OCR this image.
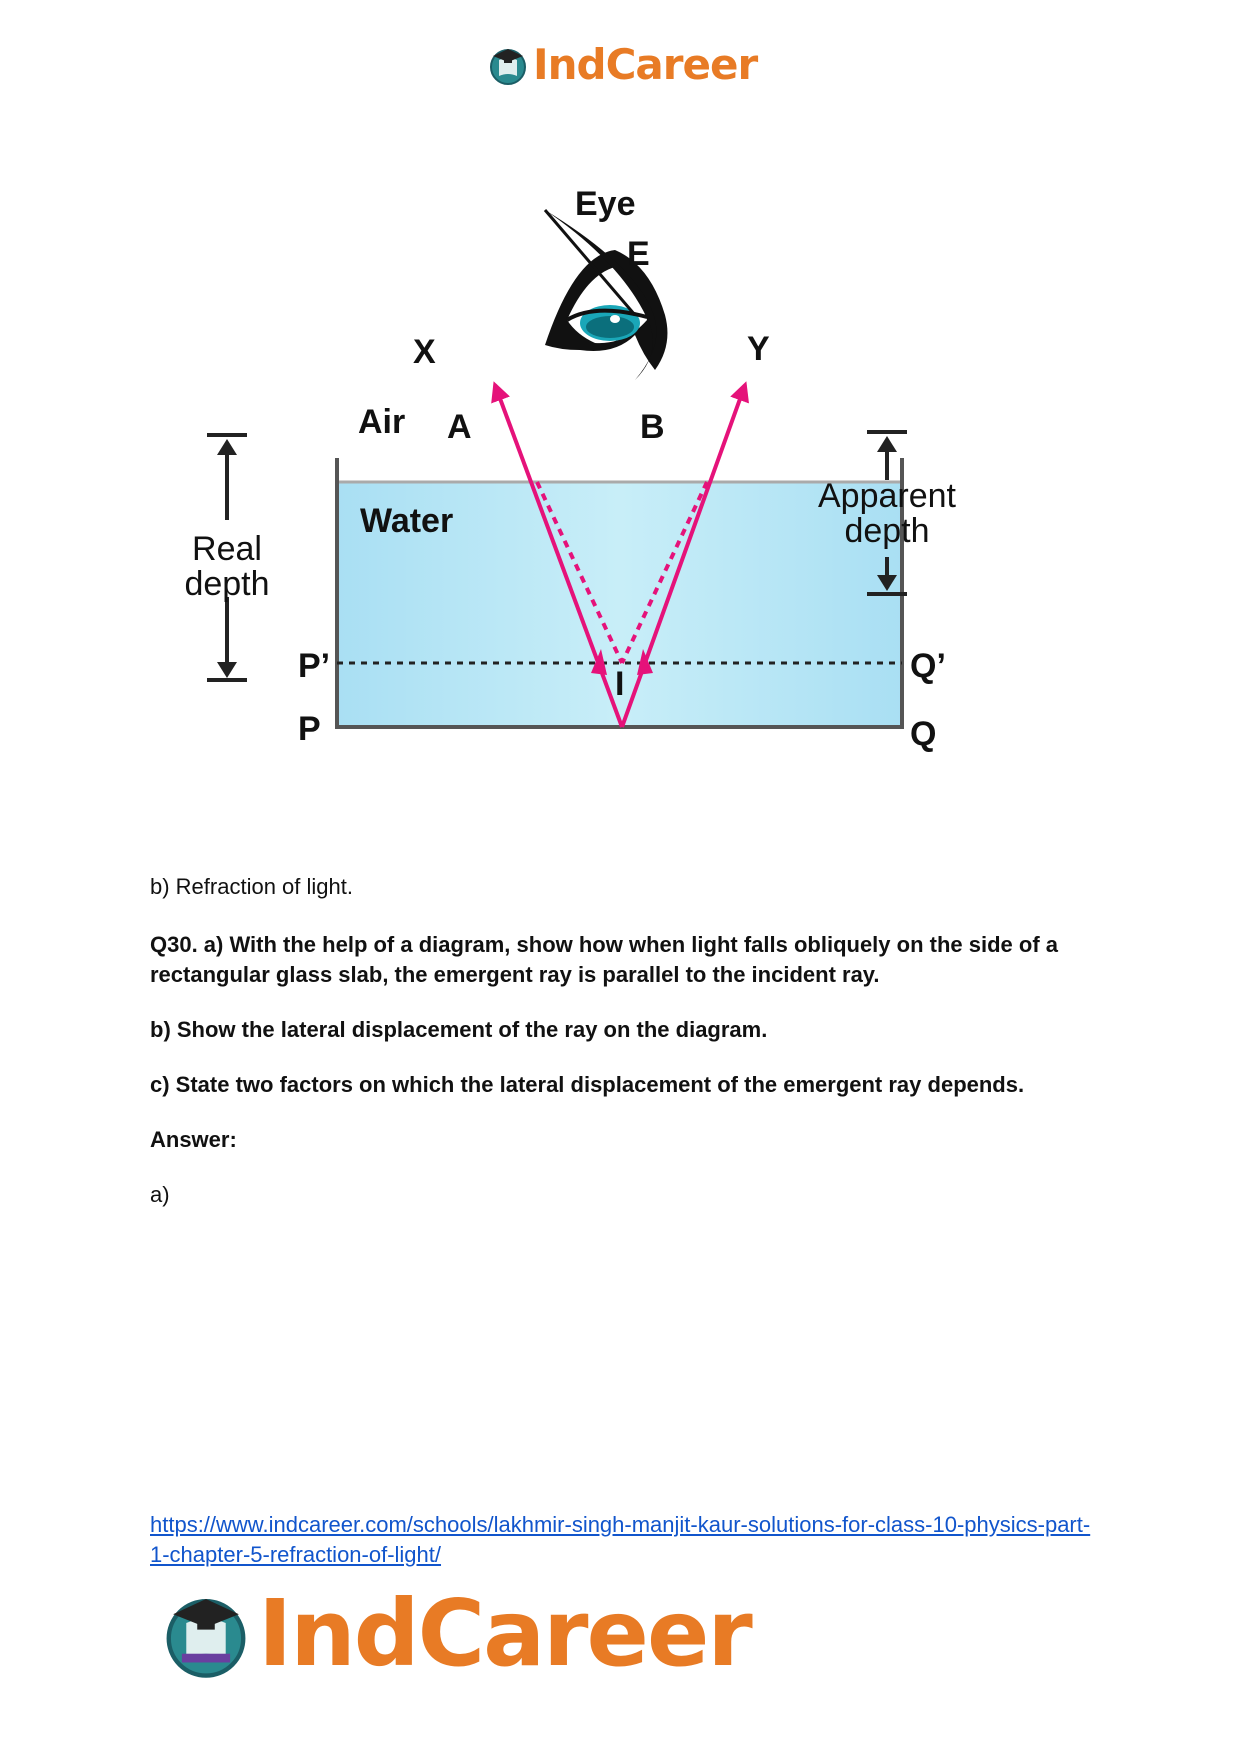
IndCareer
Eye
E
X	Y
Air
Water
A	B
Real
depth
Apparent
depth
P’	Q’
I
P	Q
b) Refraction of light.
Q30. a) With the help of a diagram, show how when light falls obliquely on the side of a rectangular glass slab, the emergent ray is parallel to the incident ray.
b) Show the lateral displacement of the ray on the diagram.
c) State two factors on which the lateral displacement of the emergent ray depends.
Answer:
a)
https://www.indcareer.com/schools/lakhmir-singh-manjit-kaur-solutions-for-class-10-physics-part-1-chapter-5-refraction-of-light/
IndCareer
